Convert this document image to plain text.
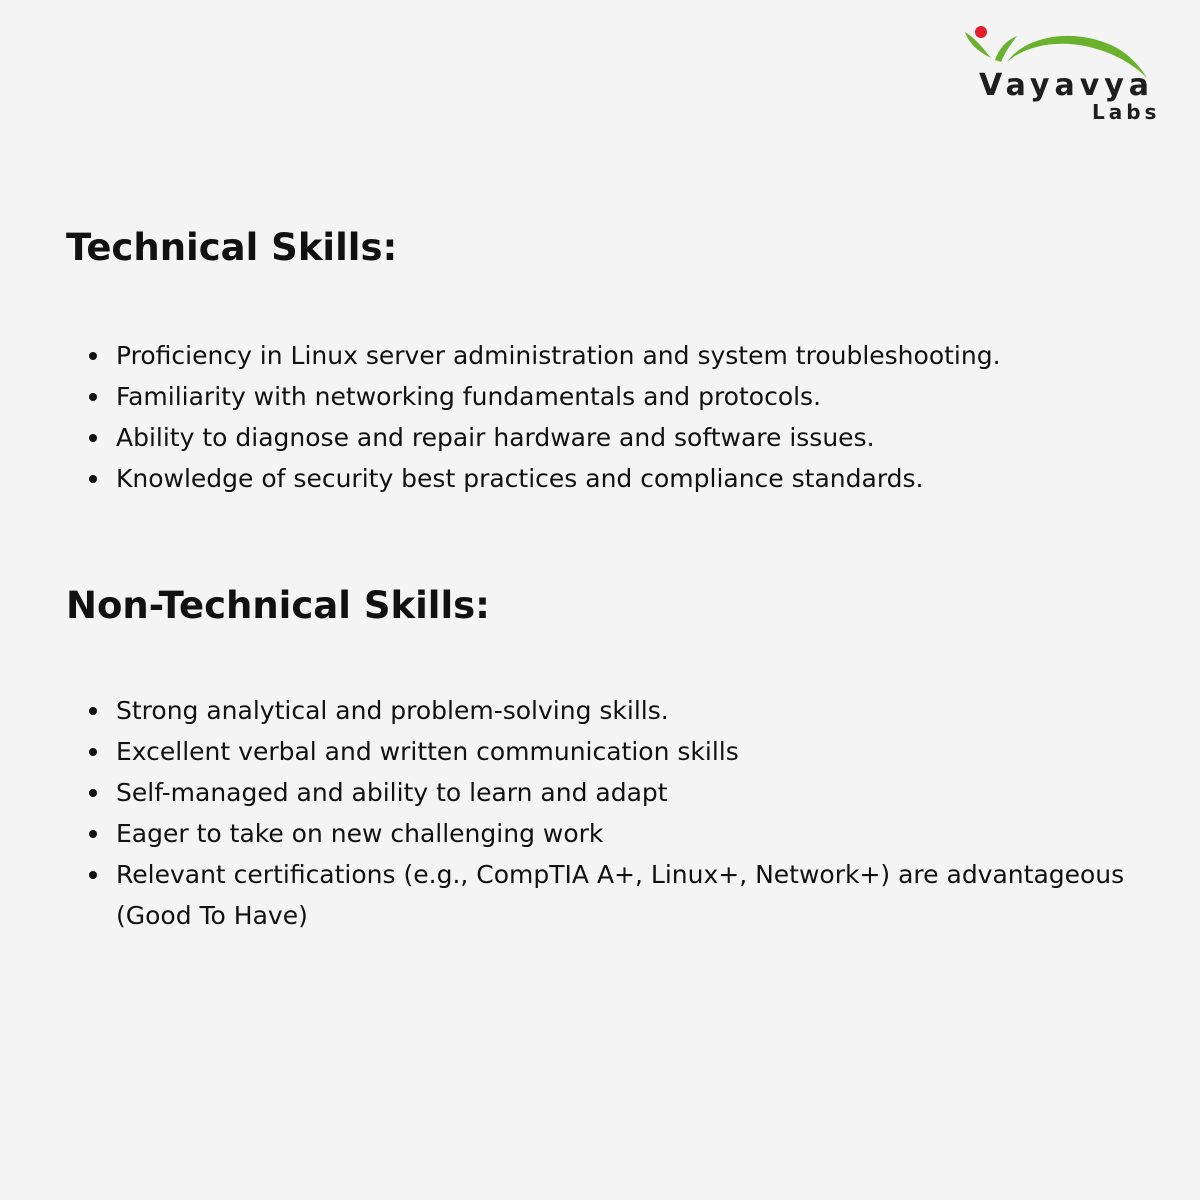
Vayavya
Labs
Technical Skills:
Proficiency in Linux server administration and system troubleshooting.
Familiarity with networking fundamentals and protocols.
Ability to diagnose and repair hardware and software issues.
Knowledge of security best practices and compliance standards.
Non-Technical Skills:
Strong analytical and problem-solving skills.
Excellent verbal and written communication skills
Self-managed and ability to learn and adapt
Eager to take on new challenging work
Relevant certifications (e.g., CompTIA A+, Linux+, Network+) are advantageous (Good To Have)
